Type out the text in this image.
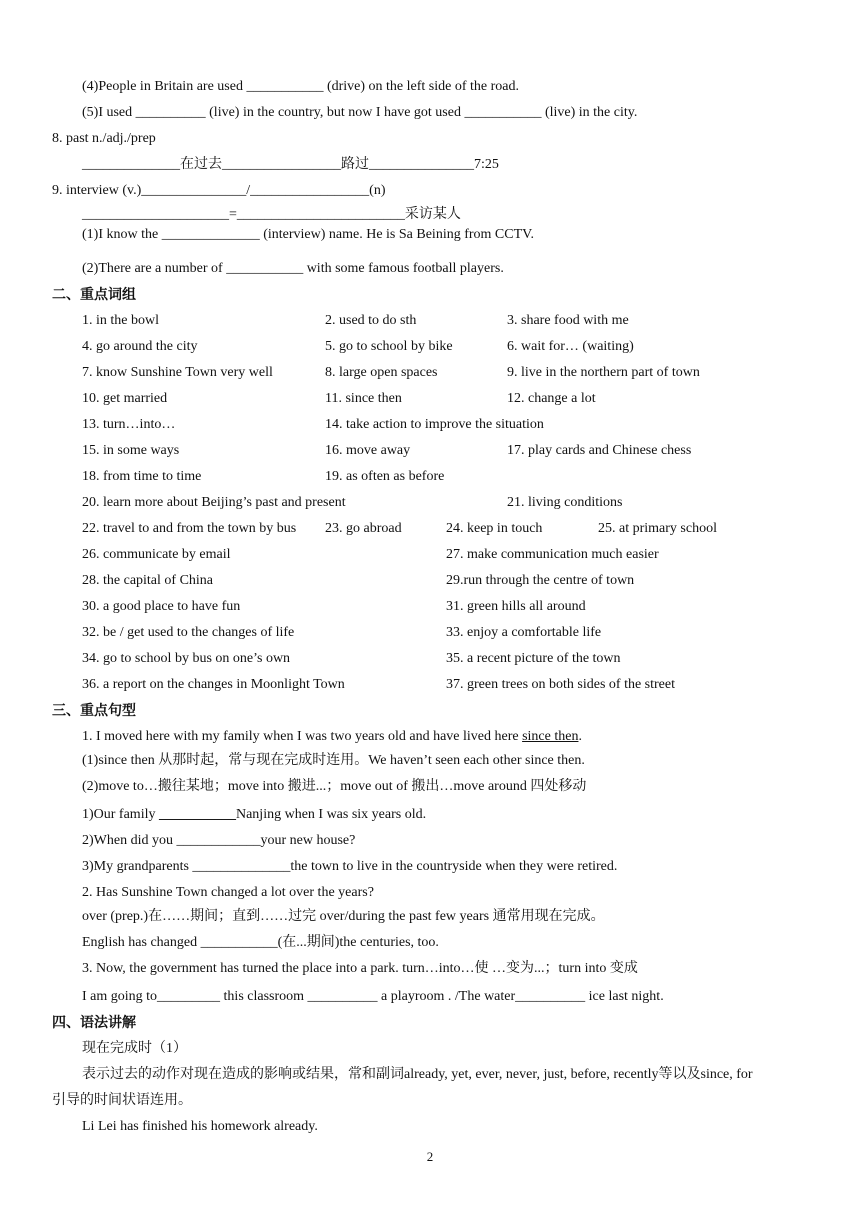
(4)People in Britain are used ___________ (drive) on the left side of the road.
(5)I used __________ (live) in the country, but now I have got used ___________ (live) in the city.
8. past n./adj./prep
______________在过去_________________路过_______________7:25
9. interview (v.)_______________/_________________(n)
_____________________=________________________采访某人
(1)I know the ______________ (interview) name. He is Sa Beining from CCTV.
(2)There are a number of ___________ with some famous football players.
二、重点词组
1. in the bowl	2. used to do sth	3. share food with me
4. go around the city	5. go to school by bike	6. wait for… (waiting)
7. know Sunshine Town very well	8. large open spaces	9. live in the northern part of town
10. get married	11. since then	12. change a lot
13. turn…into…	14. take action to improve the situation
15. in some ways	16. move away	17. play cards and Chinese chess
18. from time to time	19. as often as before
20. learn more about Beijing’s past and present	21. living conditions
22. travel to and from the town by bus 23. go abroad	24. keep in touch	25. at primary school
26. communicate by email	27. make communication much easier
28. the capital of China	29.run through the centre of town
30. a good place to have fun	31. green hills all around
32. be / get used to the changes of life	33. enjoy a comfortable life
34. go to school by bus on one’s own	35. a recent picture of the town
36. a report on the changes in Moonlight Town	37. green trees on both sides of the street
三、重点句型
1. I moved here with my family when I was two years old and have lived here since then.
(1)since then 从那时起，常与现在完成时连用。We haven’t seen each other since then.
(2)move to…搬往某地；move into 搬进...；move out of 搬出…move around 四处移动
1)Our family ___________Nanjing when I was six years old.
2)When did you ____________your new house?
3)My grandparents ______________the town to live in the countryside when they were retired.
2. Has Sunshine Town changed a lot over the years?
over (prep.)在……期间；直到……过完 over/during the past few years 通常用现在完成。
English has changed ___________(在...期间)the centuries, too.
3. Now, the government has turned the place into a park. turn…into…使 …变为...；turn into 变成
I am going to_________ this classroom __________ a playroom . /The water__________ ice last night.
四、语法讲解
现在完成时（1）
表示过去的动作对现在造成的影响或结果，常和副词already, yet, ever, never, just, before, recently等以及since, for
引导的时间状语连用。
Li Lei has finished his homework already.
2
